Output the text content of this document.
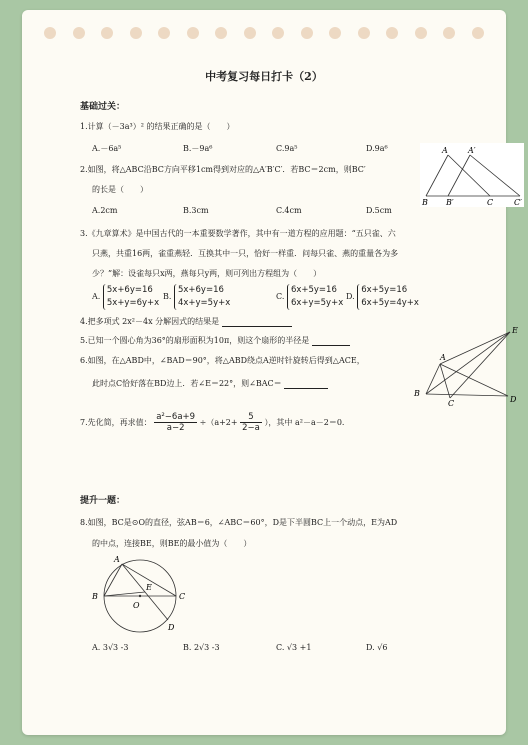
中考复习每日打卡（2）
基础过关：
1.计算（－3a³）² 的结果正确的是（　　）
A.－6a⁵	B.－9a⁶	C.9a⁵	D.9a⁶
2.如图，将△ABC沿BC方向平移1cm得到对应的△A′B′C′．若BC＝2cm，则BC′
的长是（　　）
A.2cm	B.3cm	C.4cm	D.5cm
A	A′
B B′	C	C′
3.《九章算术》是中国古代的一本重要数学著作，其中有一道方程的应用题：“五只雀、六
只燕，共重16两，雀重燕轻．互换其中一只，恰好一样重．问每只雀、燕的重量各为多
少？”解：设雀每只x两，燕每只y两，则可列出方程组为（　　）
A. 5x+6y=16
5x+y=6y+x
B. 5x+6y=16
4x+y=5y+x
C. 6x+5y=16
6x+y=5y+x
D. 6x+5y=16
6x+5y=4y+x
4.把多项式 2x²－4x 分解因式的结果是
5.已知一个圆心角为36°的扇形面积为10π，则这个扇形的半径是
6.如图，在△ABD中，∠BAD＝90°，将△ABD绕点A逆时针旋转后得到△ACE，
此时点C恰好落在BD边上．若∠E＝22°，则∠BAC＝
B
A
C	D
E
7.先化简，再求值： $\frac{\text{a²−6a+9}}{a-2} \div(a+2+ \frac{5}{2-a}$ ），其中 a²－a－2＝0.
提升一题：
8.如图，BC是⊙O的直径，弦AB＝6，∠ABC＝60°，D是下半圆BC上一个动点，E为AD
的中点，连接BE，则BE的最小值为（　　）
A
B	C
D
E
O
A. 3√3 -3	B. 2√3 -3	C. √3 +1	D. √6
